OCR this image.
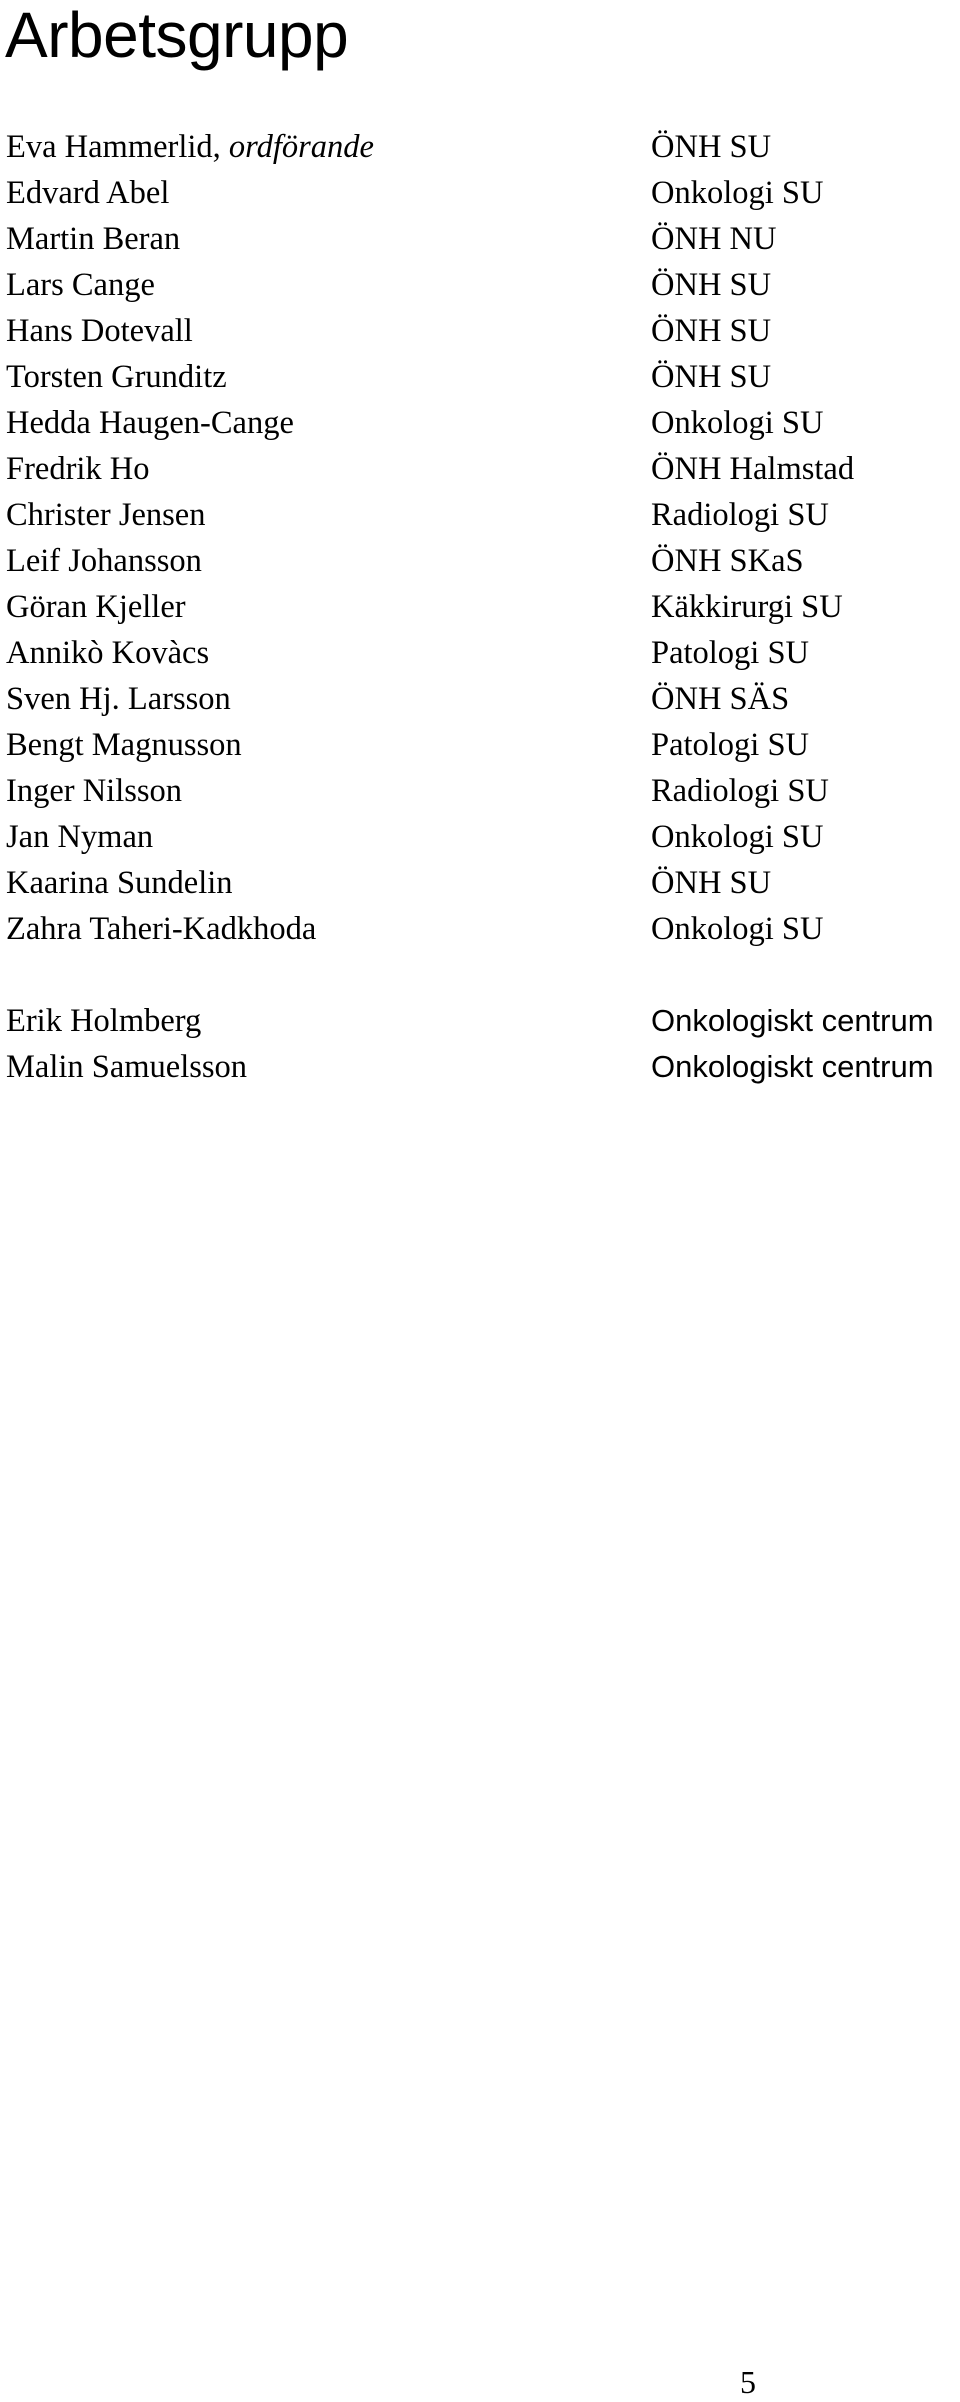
Arbetsgrupp
Eva Hammerlid, ordförande	ÖNH SU
Edvard Abel	Onkologi SU
Martin Beran	ÖNH NU
Lars Cange	ÖNH SU
Hans Dotevall	ÖNH SU
Torsten Grunditz	ÖNH SU
Hedda Haugen-Cange	Onkologi SU
Fredrik Ho	ÖNH Halmstad
Christer Jensen	Radiologi SU
Leif Johansson	ÖNH SKaS
Göran Kjeller	Käkkirurgi SU
Annikò Kovàcs	Patologi SU
Sven Hj. Larsson	ÖNH SÄS
Bengt Magnusson	Patologi SU
Inger Nilsson	Radiologi SU
Jan Nyman	Onkologi SU
Kaarina Sundelin	ÖNH SU
Zahra Taheri-Kadkhoda	Onkologi SU
Erik Holmberg	Onkologiskt centrum
Malin Samuelsson	Onkologiskt centrum
5
